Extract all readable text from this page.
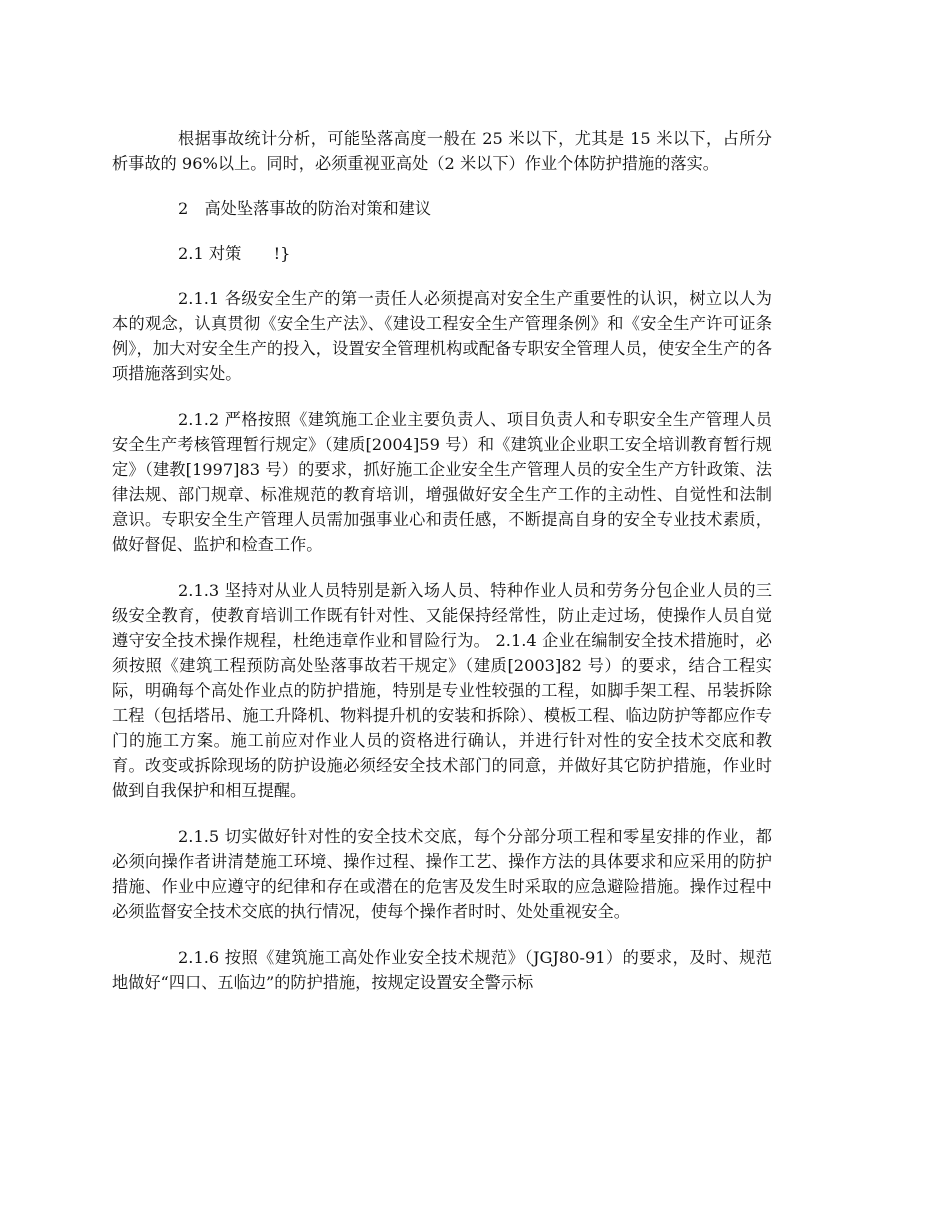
根据事故统计分析，可能坠落高度一般在 25 米以下，尤其是 15 米以下，占所分析事故的 96%以上。同时，必须重视亚高处（2 米以下）作业个体防护措施的落实。

2　高处坠落事故的防治对策和建议

2.1 对策　　!}

2.1.1 各级安全生产的第一责任人必须提高对安全生产重要性的认识，树立以人为本的观念，认真贯彻《安全生产法》、《建设工程安全生产管理条例》和《安全生产许可证条例》，加大对安全生产的投入，设置安全管理机构或配备专职安全管理人员，使安全生产的各项措施落到实处。

2.1.2 严格按照《建筑施工企业主要负责人、项目负责人和专职安全生产管理人员安全生产考核管理暂行规定》（建质[2004]59 号）和《建筑业企业职工安全培训教育暂行规定》（建教[1997]83 号）的要求，抓好施工企业安全生产管理人员的安全生产方针政策、法律法规、部门规章、标准规范的教育培训，增强做好安全生产工作的主动性、自觉性和法制意识。专职安全生产管理人员需加强事业心和责任感，不断提高自身的安全专业技术素质，做好督促、监护和检查工作。

2.1.3 坚持对从业人员特别是新入场人员、特种作业人员和劳务分包企业人员的三级安全教育，使教育培训工作既有针对性、又能保持经常性，防止走过场，使操作人员自觉遵守安全技术操作规程，杜绝违章作业和冒险行为。 2.1.4 企业在编制安全技术措施时，必须按照《建筑工程预防高处坠落事故若干规定》（建质[2003]82 号）的要求，结合工程实际，明确每个高处作业点的防护措施，特别是专业性较强的工程，如脚手架工程、吊装拆除工程（包括塔吊、施工升降机、物料提升机的安装和拆除）、模板工程、临边防护等都应作专门的施工方案。施工前应对作业人员的资格进行确认，并进行针对性的安全技术交底和教育。改变或拆除现场的防护设施必须经安全技术部门的同意，并做好其它防护措施，作业时做到自我保护和相互提醒。

2.1.5 切实做好针对性的安全技术交底，每个分部分项工程和零星安排的作业，都必须向操作者讲清楚施工环境、操作过程、操作工艺、操作方法的具体要求和应采用的防护措施、作业中应遵守的纪律和存在或潜在的危害及发生时采取的应急避险措施。操作过程中必须监督安全技术交底的执行情况，使每个操作者时时、处处重视安全。

2.1.6 按照《建筑施工高处作业安全技术规范》（JGJ80-91）的要求，及时、规范地做好“四口、五临边”的防护措施，按规定设置安全警示标
